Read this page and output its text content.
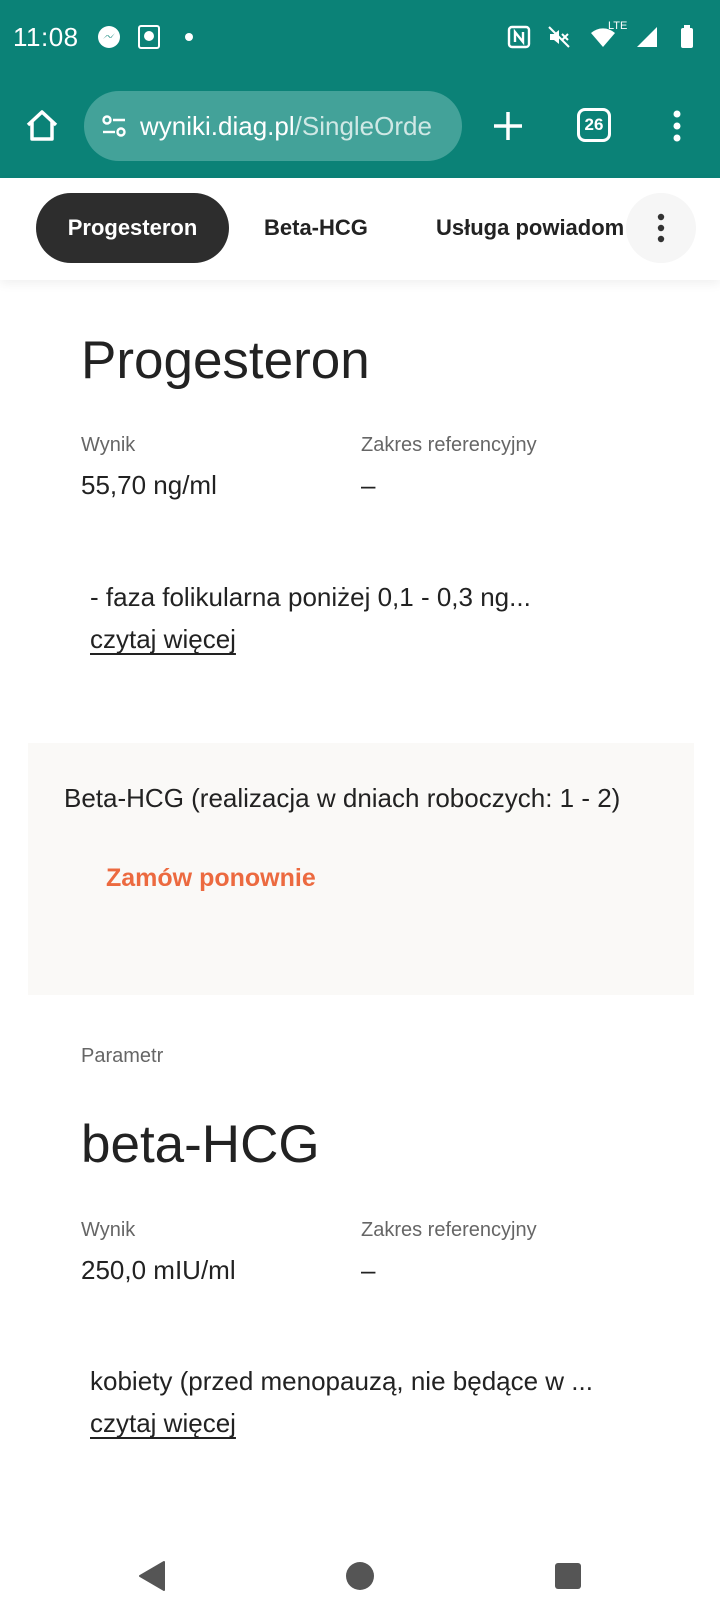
11:08	LTE
wyniki.diag.pl/SingleOrde	26
Progesteron	Beta-HCG	Usługa powiadom
Progesteron
Wynik
55,70 ng/ml
Zakres referencyjny
–
- faza folikularna poniżej 0,1 - 0,3 ng...
czytaj więcej
Beta-HCG (realizacja w dniach roboczych: 1 - 2)
Zamów ponownie
Parametr
beta-HCG
Wynik
250,0 mIU/ml
Zakres referencyjny
–
kobiety (przed menopauzą, nie będące w ...
czytaj więcej
